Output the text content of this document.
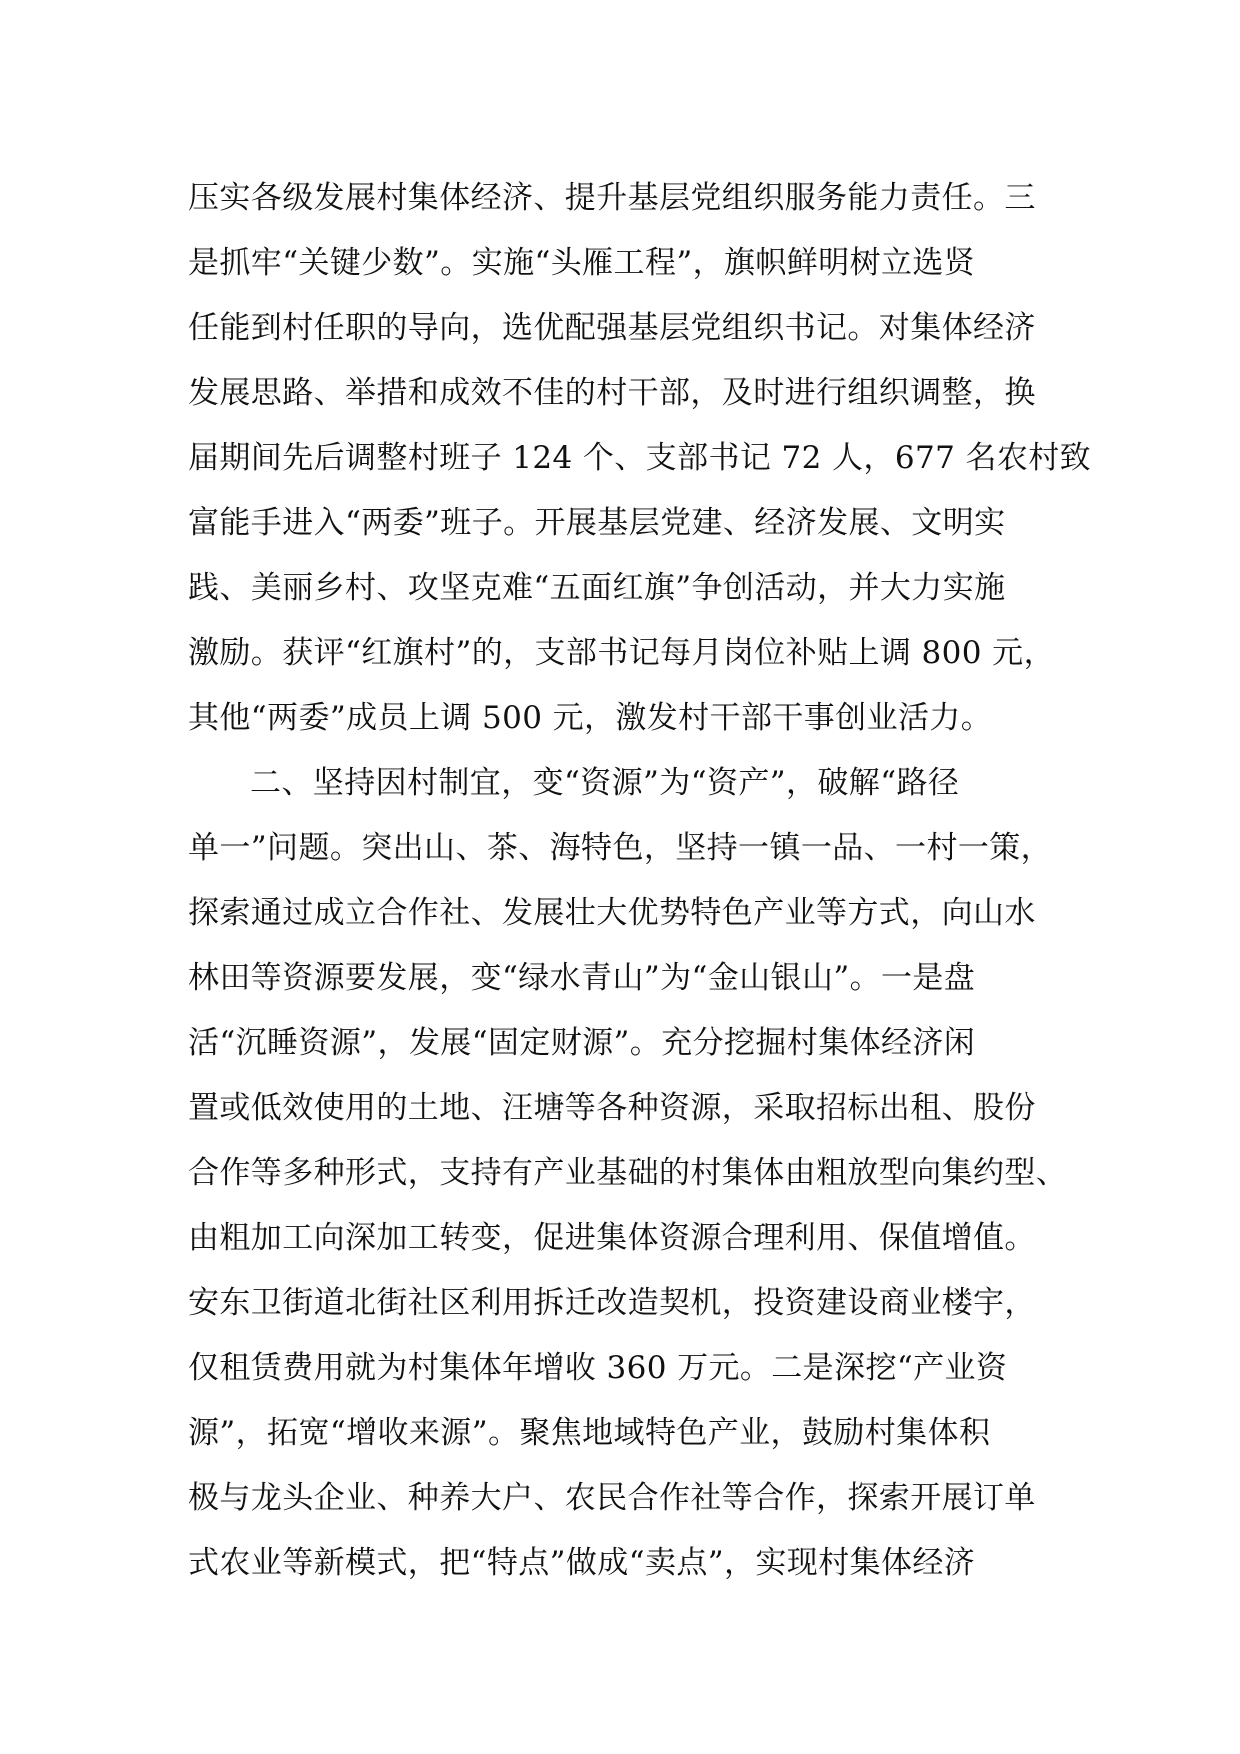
压实各级发展村集体经济、提升基层党组织服务能力责任。三
是抓牢“关键少数”。实施“头雁工程”，旗帜鲜明树立选贤
任能到村任职的导向，选优配强基层党组织书记。对集体经济
发展思路、举措和成效不佳的村干部，及时进行组织调整，换
届期间先后调整村班子 124 个、支部书记 72 人，677 名农村致
富能手进入“两委”班子。开展基层党建、经济发展、文明实
践、美丽乡村、攻坚克难“五面红旗”争创活动，并大力实施
激励。获评“红旗村”的，支部书记每月岗位补贴上调 800 元，
其他“两委”成员上调 500 元，激发村干部干事创业活力。
二、坚持因村制宜，变“资源”为“资产”，破解“路径
单一”问题。突出山、茶、海特色，坚持一镇一品、一村一策，
探索通过成立合作社、发展壮大优势特色产业等方式，向山水
林田等资源要发展，变“绿水青山”为“金山银山”。一是盘
活“沉睡资源”，发展“固定财源”。充分挖掘村集体经济闲
置或低效使用的土地、汪塘等各种资源，采取招标出租、股份
合作等多种形式，支持有产业基础的村集体由粗放型向集约型、
由粗加工向深加工转变，促进集体资源合理利用、保值增值。
安东卫街道北街社区利用拆迁改造契机，投资建设商业楼宇，
仅租赁费用就为村集体年增收 360 万元。二是深挖“产业资
源”，拓宽“增收来源”。聚焦地域特色产业，鼓励村集体积
极与龙头企业、种养大户、农民合作社等合作，探索开展订单
式农业等新模式，把“特点”做成“卖点”，实现村集体经济
